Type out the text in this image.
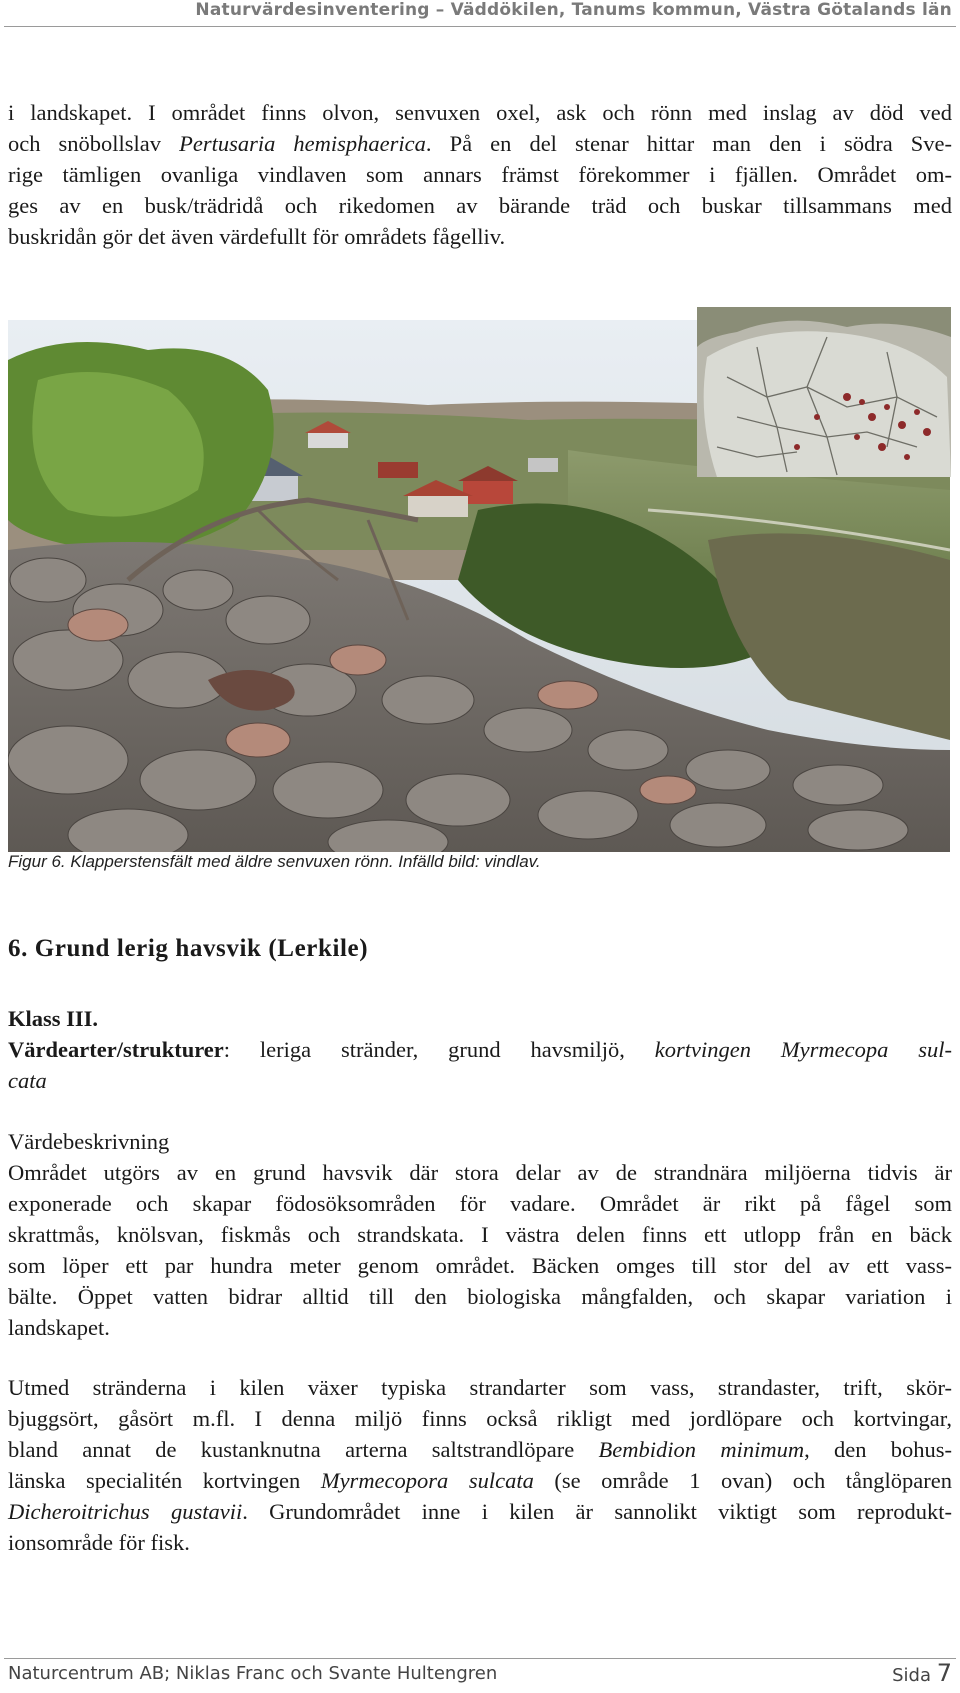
Naturvärdesinventering – Väddökilen, Tanums kommun, Västra Götalands län
i landskapet. I området finns olvon, senvuxen oxel, ask och rönn med inslag av död ved
och snöbollslav Pertusaria hemisphaerica. På en del stenar hittar man den i södra Sve-
rige tämligen ovanliga vindlaven som annars främst förekommer i fjällen. Området om-
ges av en busk/trädridå och rikedomen av bärande träd och buskar tillsammans med
buskridån gör det även värdefullt för områdets fågelliv.
Figur 6. Klapperstensfält med äldre senvuxen rönn. Infälld bild: vindlav.
6. Grund lerig havsvik (Lerkile)
Klass III.
Värdearter/strukturer: leriga stränder, grund havsmiljö, kortvingen Myrmecopa sul-
cata
Värdebeskrivning
Området utgörs av en grund havsvik där stora delar av de strandnära miljöerna tidvis är
exponerade och skapar födosöksområden för vadare. Området är rikt på fågel som
skrattmås, knölsvan, fiskmås och strandskata. I västra delen finns ett utlopp från en bäck
som löper ett par hundra meter genom området. Bäcken omges till stor del av ett vass-
bälte. Öppet vatten bidrar alltid till den biologiska mångfalden, och skapar variation i
landskapet.
Utmed stränderna i kilen växer typiska strandarter som vass, strandaster, trift, skör-
bjuggsört, gåsört m.fl. I denna miljö finns också rikligt med jordlöpare och kortvingar,
bland annat de kustanknutna arterna saltstrandlöpare Bembidion minimum, den bohus-
länska specialitén kortvingen Myrmecopora sulcata (se område 1 ovan) och tånglöparen
Dicheroitrichus gustavii. Grundområdet inne i kilen är sannolikt viktigt som reprodukt-
ionsområde för fisk.
Naturcentrum AB; Niklas Franc och Svante Hultengren	Sida 7
